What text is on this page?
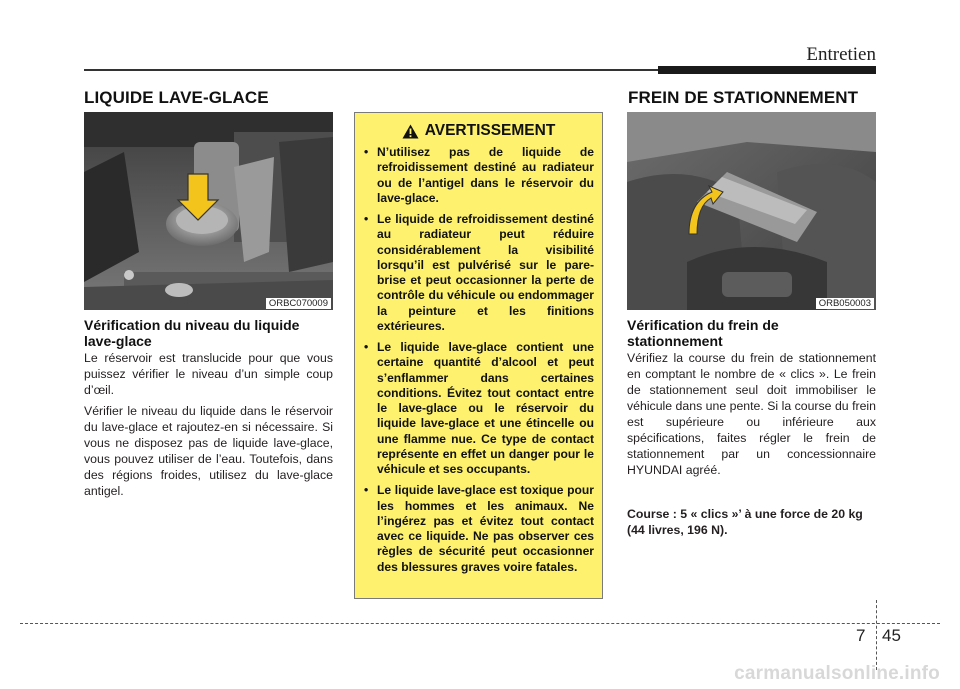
Entretien
LIQUIDE LAVE-GLACE
ORBC070009
Vérification du niveau du liquide lave-glace

Le réservoir est translucide pour que vous puissez vérifier le niveau d’un simple coup d’œil.

Vérifier le niveau du liquide dans le réservoir du lave-glace et rajoutez-en si nécessaire. Si vous ne disposez pas de liquide lave-glace, vous pouvez utiliser de l’eau. Toutefois, dans des régions froides, utilisez du lave-glace antigel.

AVERTISSEMENT
• N’utilisez pas de liquide de refroidissement destiné au radiateur ou de l’antigel dans le réservoir du lave-glace.
• Le liquide de refroidissement destiné au radiateur peut réduire considérablement la visibilité lorsqu’il est pulvérisé sur le pare-brise et peut occasionner la perte de contrôle du véhicule ou endommager la peinture et les finitions extérieures.
• Le liquide lave-glace contient une certaine quantité d’alcool et peut s’enflammer dans certaines conditions. Évitez tout contact entre le lave-glace ou le réservoir du liquide lave-glace et une étincelle ou une flamme nue. Ce type de contact représente en effet un danger pour le véhicule et ses occupants.
• Le liquide lave-glace est toxique pour les hommes et les animaux. Ne l’ingérez pas et évitez tout contact avec ce liquide. Ne pas observer ces règles de sécurité peut occasionner des blessures graves voire fatales.
FREIN DE STATIONNEMENT
ORB050003
Vérification du frein de stationnement
Vérifiez la course du frein de stationnement en comptant le nombre de « clics ». Le frein de stationnement seul doit immobiliser le véhicule dans une pente. Si la course du frein est supérieure ou inférieure aux spécifications, faites régler le frein de stationnement par un concessionnaire HYUNDAI agréé.
Course : 5 « clics »’ à une force de 20 kg (44 livres, 196 N).
7 45
carmanualsonline.info
